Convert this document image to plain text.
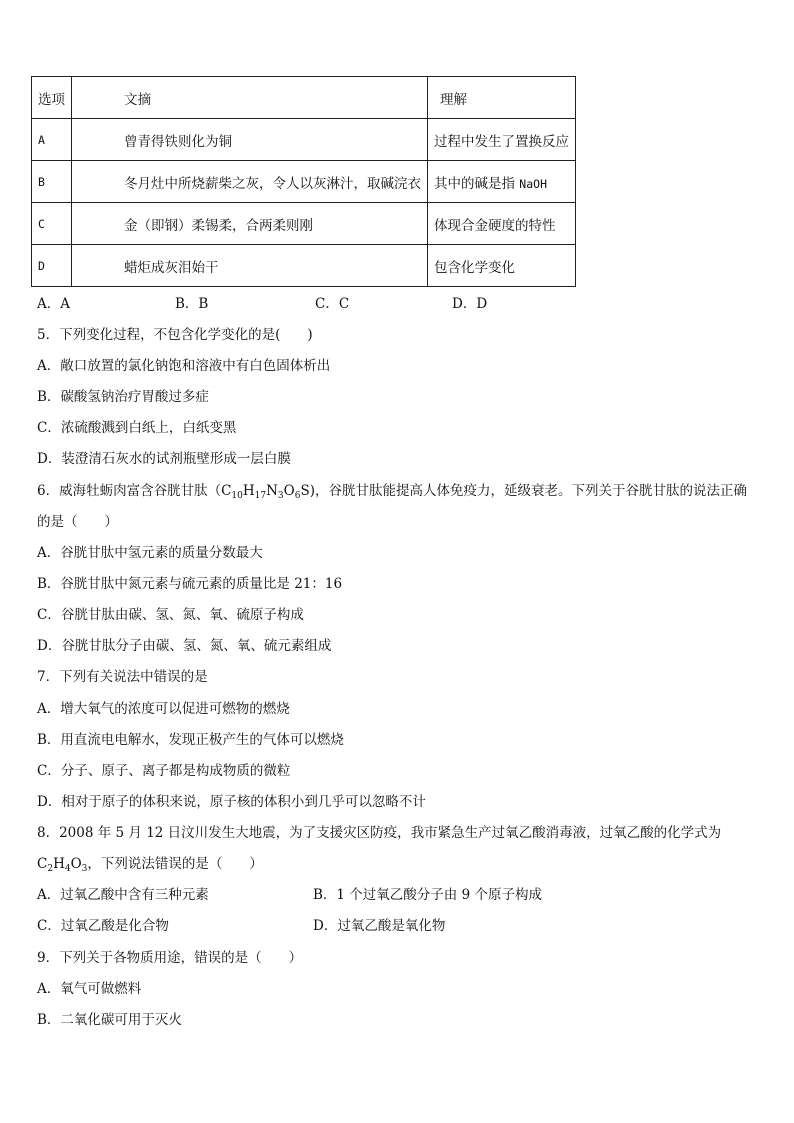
选项	文摘	理解
A	曾青得铁则化为铜	过程中发生了置换反应
B	冬月灶中所烧薪柴之灰，令人以灰淋汁，取碱浣衣	其中的碱是指 NaOH
C	金（即钢）柔锡柔，合两柔则刚	体现合金硬度的特性
D	蜡炬成灰泪始干	包含化学变化
A．A	B．B	C．C	D．D
5．下列变化过程，不包含化学变化的是(　　)
A．敞口放置的氯化钠饱和溶液中有白色固体析出
B．碳酸氢钠治疗胃酸过多症
C．浓硫酸溅到白纸上，白纸变黑
D．装澄清石灰水的试剂瓶壁形成一层白膜
6．威海牡蛎肉富含谷胱甘肽$(C_{10}H_{17}N_3O_6S)$，谷胱甘肽能提高人体免疫力，延级衰老。下列关于谷胱甘肽的说法正确
的是（　　）
A．谷胱甘肽中氢元素的质量分数最大
B．谷胱甘肽中氮元素与硫元素的质量比是 21：16
C．谷胱甘肽由碳、氢、氮、氧、硫原子构成
D．谷胱甘肽分子由碳、氢、氮、氧、硫元素组成
7．下列有关说法中错误的是
A．增大氧气的浓度可以促进可燃物的燃烧
B．用直流电电解水，发现正极产生的气体可以燃烧
C．分子、原子、离子都是构成物质的微粒
D．相对于原子的体积来说，原子核的体积小到几乎可以忽略不计
8．2008 年 5 月 12 日汶川发生大地震，为了支援灾区防疫，我市紧急生产过氧乙酸消毒液，过氧乙酸的化学式为
$C_2H_4O_3$，下列说法错误的是（　　）
A．过氧乙酸中含有三种元素	B．1 个过氧乙酸分子由 9 个原子构成
C．过氧乙酸是化合物	D．过氧乙酸是氧化物
9．下列关于各物质用途，错误的是（　　）
A．氧气可做燃料
B．二氧化碳可用于灭火
